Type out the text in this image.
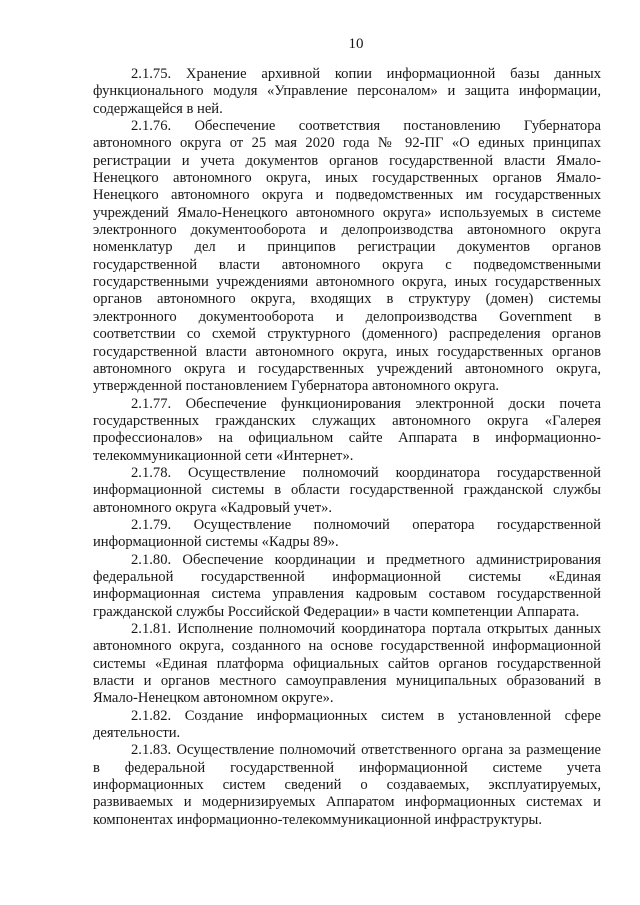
10
2.1.75. Хранение архивной копии информационной базы данных
функционального модуля «Управление персоналом» и защита информации,
содержащейся в ней.
2.1.76. Обеспечение соответствия постановлению Губернатора
автономного округа от 25 мая 2020 года № 92-ПГ «О единых принципах
регистрации и учета документов органов государственной власти Ямало-
Ненецкого автономного округа, иных государственных органов Ямало-
Ненецкого автономного округа и подведомственных им государственных
учреждений Ямало-Ненецкого автономного округа» используемых в системе
электронного документооборота и делопроизводства автономного округа
номенклатур дел и принципов регистрации документов органов
государственной власти автономного округа с подведомственными
государственными учреждениями автономного округа, иных государственных
органов автономного округа, входящих в структуру (домен) системы
электронного документооборота и делопроизводства Government в
соответствии со схемой структурного (доменного) распределения органов
государственной власти автономного округа, иных государственных органов
автономного округа и государственных учреждений автономного округа,
утвержденной постановлением Губернатора автономного округа.
2.1.77. Обеспечение функционирования электронной доски почета
государственных гражданских служащих автономного округа «Галерея
профессионалов» на официальном сайте Аппарата в информационно-
телекоммуникационной сети «Интернет».
2.1.78. Осуществление полномочий координатора государственной
информационной системы в области государственной гражданской службы
автономного округа «Кадровый учет».
2.1.79. Осуществление полномочий оператора государственной
информационной системы «Кадры 89».
2.1.80. Обеспечение координации и предметного администрирования
федеральной государственной информационной системы «Единая
информационная система управления кадровым составом государственной
гражданской службы Российской Федерации» в части компетенции Аппарата.
2.1.81. Исполнение полномочий координатора портала открытых данных
автономного округа, созданного на основе государственной информационной
системы «Единая платформа официальных сайтов органов государственной
власти и органов местного самоуправления муниципальных образований в
Ямало-Ненецком автономном округе».
2.1.82. Создание информационных систем в установленной сфере
деятельности.
2.1.83. Осуществление полномочий ответственного органа за размещение
в федеральной государственной информационной системе учета
информационных систем сведений о создаваемых, эксплуатируемых,
развиваемых и модернизируемых Аппаратом информационных системах и
компонентах информационно-телекоммуникационной инфраструктуры.
